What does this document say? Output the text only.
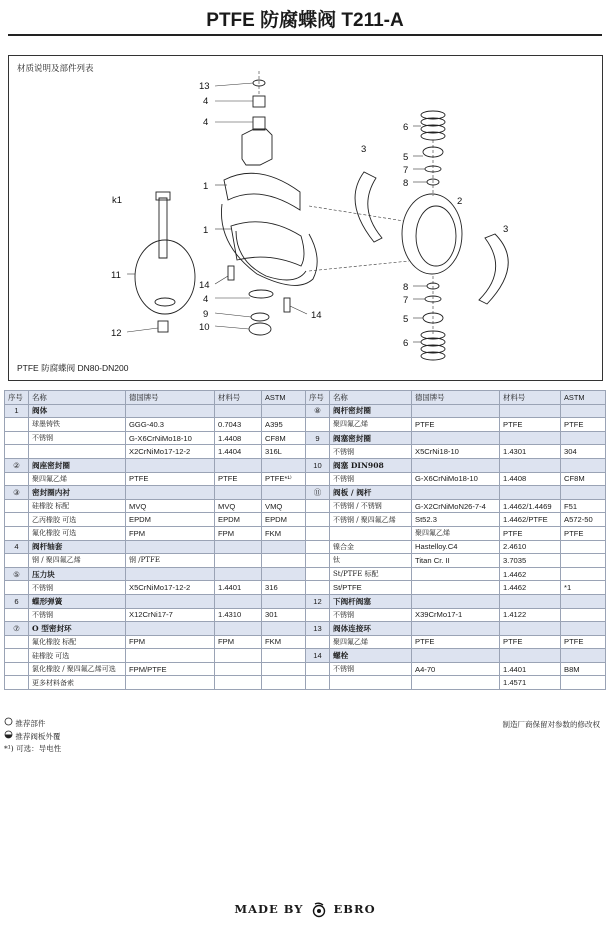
PTFE 防腐蝶阀 T211-A
材质说明及部件列表
13
4
4
1
1
k1
11
12
14
4
9
10
14
3
6
5
7
8
2
3
8
7
5
6
PTFE 防腐蝶阀 DN80-DN200
序号	名称	德国牌号	材料号	ASTM	序号	名称	德国牌号	材料号	ASTM
1	阀体				⑧	阀杆密封圈			
	球墨铸铁	GGG-40.3	0.7043	A395		聚四氟乙烯	PTFE	PTFE	PTFE
	不锈钢	G-X6CrNiMo18-10	1.4408	CF8M	9	阀塞密封圈			
		X2CrNiMo17-12-2	1.4404	316L		不锈钢	X5CrNi18-10	1.4301	304
②	阀座密封圈				10	阀塞 DIN908			
	聚四氟乙烯	PTFE	PTFE	PTFE*¹⁾		不锈钢	G-X6CrNiMo18-10	1.4408	CF8M
③	密封圈内衬				⑪	阀板 / 阀杆			
	硅橡胶 标配	MVQ	MVQ	VMQ		不锈钢 / 不锈钢	G-X2CrNiMoN26-7-4	1.4462/1.4469	F51
	乙丙橡胶 可选	EPDM	EPDM	EPDM		不锈钢 / 聚四氟乙烯	St52.3	1.4462/PTFE	A572-50
	氟化橡胶 可选	FPM	FPM	FKM			聚四氟乙烯	PTFE	PTFE
4	阀杆轴套					镍合金	Hastelloy.C4	2.4610	
	钢 / 聚四氟乙烯	钢 /PTFE				钛	Titan Cr. II	3.7035	
⑤	压力块					St/PTFE 标配		1.4462	
	不锈钢	X5CrNiMo17-12-2	1.4401	316		St/PTFE		1.4462	*1
6	蝶形弹簧				12	下阀杆阀塞			
	不锈钢	X12CrNi17-7	1.4310	301		不锈钢	X39CrMo17-1	1.4122	
⑦	O 型密封环				13	阀体连接环			
	氟化橡胶 标配	FPM	FPM	FKM		聚四氟乙烯	PTFE	PTFE	PTFE
	硅橡胶 可选				14	螺栓			
	氯化橡胶 / 聚四氟乙烯可选	FPM/PTFE				不锈钢	A4-70	1.4401	B8M
	更多材料备索							1.4571	
推荐部件
推荐阀板外覆
*¹) 可选：导电性
制造厂商保留对参数的修改权
MADE BY	EBRO
